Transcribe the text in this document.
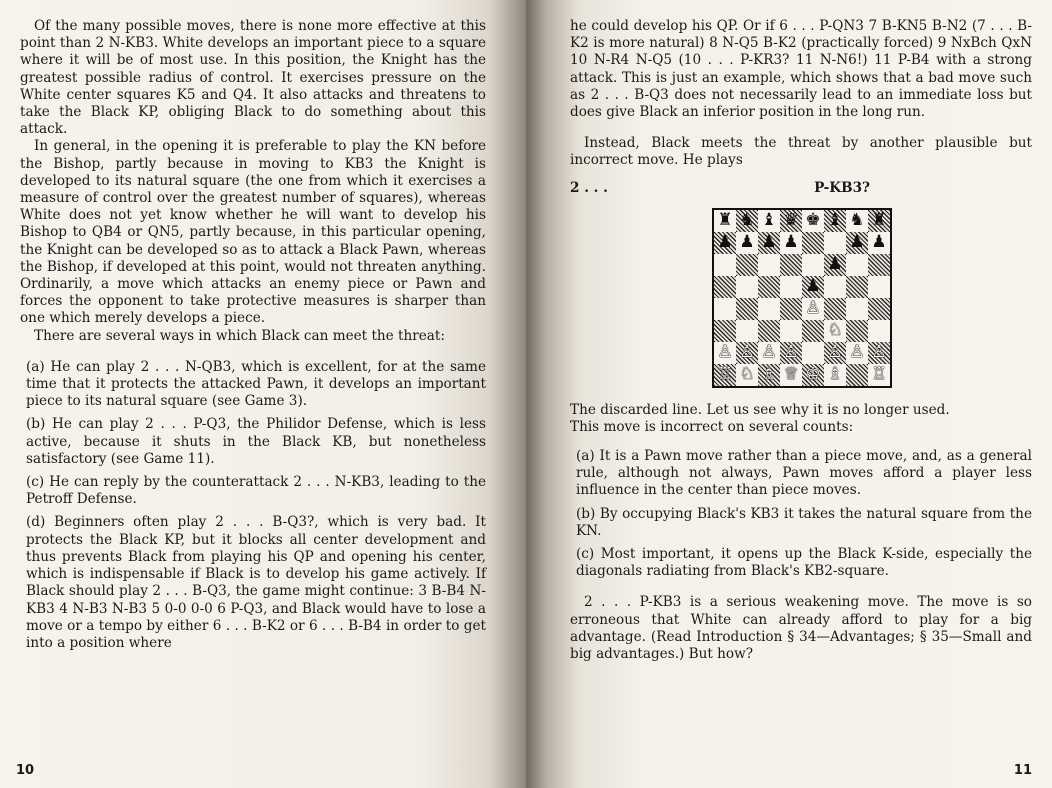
Of the many possible moves, there is none more effective at this point than 2 N-KB3. White develops an important piece to a square where it will be of most use. In this position, the Knight has the greatest possible radius of control. It exercises pressure on the White center squares K5 and Q4. It also attacks and threatens to take the Black KP, obliging Black to do something about this attack.

In general, in the opening it is preferable to play the KN before the Bishop, partly because in moving to KB3 the Knight is developed to its natural square (the one from which it exercises a measure of control over the greatest number of squares), whereas White does not yet know whether he will want to develop his Bishop to QB4 or QN5, partly because, in this particular opening, the Knight can be developed so as to attack a Black Pawn, whereas the Bishop, if developed at this point, would not threaten anything. Ordinarily, a move which attacks an enemy piece or Pawn and forces the opponent to take protective measures is sharper than one which merely develops a piece.

There are several ways in which Black can meet the threat:

(a) He can play 2 . . . N-QB3, which is excellent, for at the same time that it protects the attacked Pawn, it develops an important piece to its natural square (see Game 3).

(b) He can play 2 . . . P-Q3, the Philidor Defense, which is less active, because it shuts in the Black KB, but nonetheless satisfactory (see Game 11).

(c) He can reply by the counterattack 2 . . . N-KB3, leading to the Petroff Defense.

(d) Beginners often play 2 . . . B-Q3?, which is very bad. It protects the Black KP, but it blocks all center development and thus prevents Black from playing his QP and opening his center, which is indispensable if Black is to develop his game actively. If Black should play 2 . . . B-Q3, the game might continue: 3 B-B4 N-KB3 4 N-B3 N-B3 5 0-0 0-0 6 P-Q3, and Black would have to lose a move or a tempo by either 6 . . . B-K2 or 6 . . . B-B4 in order to get into a position where

10

he could develop his QP. Or if 6 . . . P-QN3 7 B-KN5 B-N2 (7 . . . B-K2 is more natural) 8 N-Q5 B-K2 (practically forced) 9 NxBch QxN 10 N-R4 N-Q5 (10 . . . P-KR3? 11 N-N6!) 11 P-B4 with a strong attack. This is just an example, which shows that a bad move such as 2 . . . B-Q3 does not necessarily lead to an immediate loss but does give Black an inferior position in the long run.

Instead, Black meets the threat by another plausible but incorrect move. He plays

2 . . .	P-KB3?
♜ ♞ ♝ ♛ ♚ ♝ ♞ ♜
♟ ♟ ♟ ♟	♟ ♟
♟
♟
♙
♘
♙ ♙ ♙ ♙ ♙ ♙ ♙
♖ ♘ ♗ ♕ ♔ ♗ ♖

The discarded line. Let us see why it is no longer used.

This move is incorrect on several counts:

(a) It is a Pawn move rather than a piece move, and, as a general rule, although not always, Pawn moves afford a player less influence in the center than piece moves.

(b) By occupying Black's KB3 it takes the natural square from the KN.

(c) Most important, it opens up the Black K-side, especially the diagonals radiating from Black's KB2-square.

2 . . . P-KB3 is a serious weakening move. The move is so erroneous that White can already afford to play for a big advantage. (Read Introduction § 34—Advantages; § 35—Small and big advantages.) But how?

11
